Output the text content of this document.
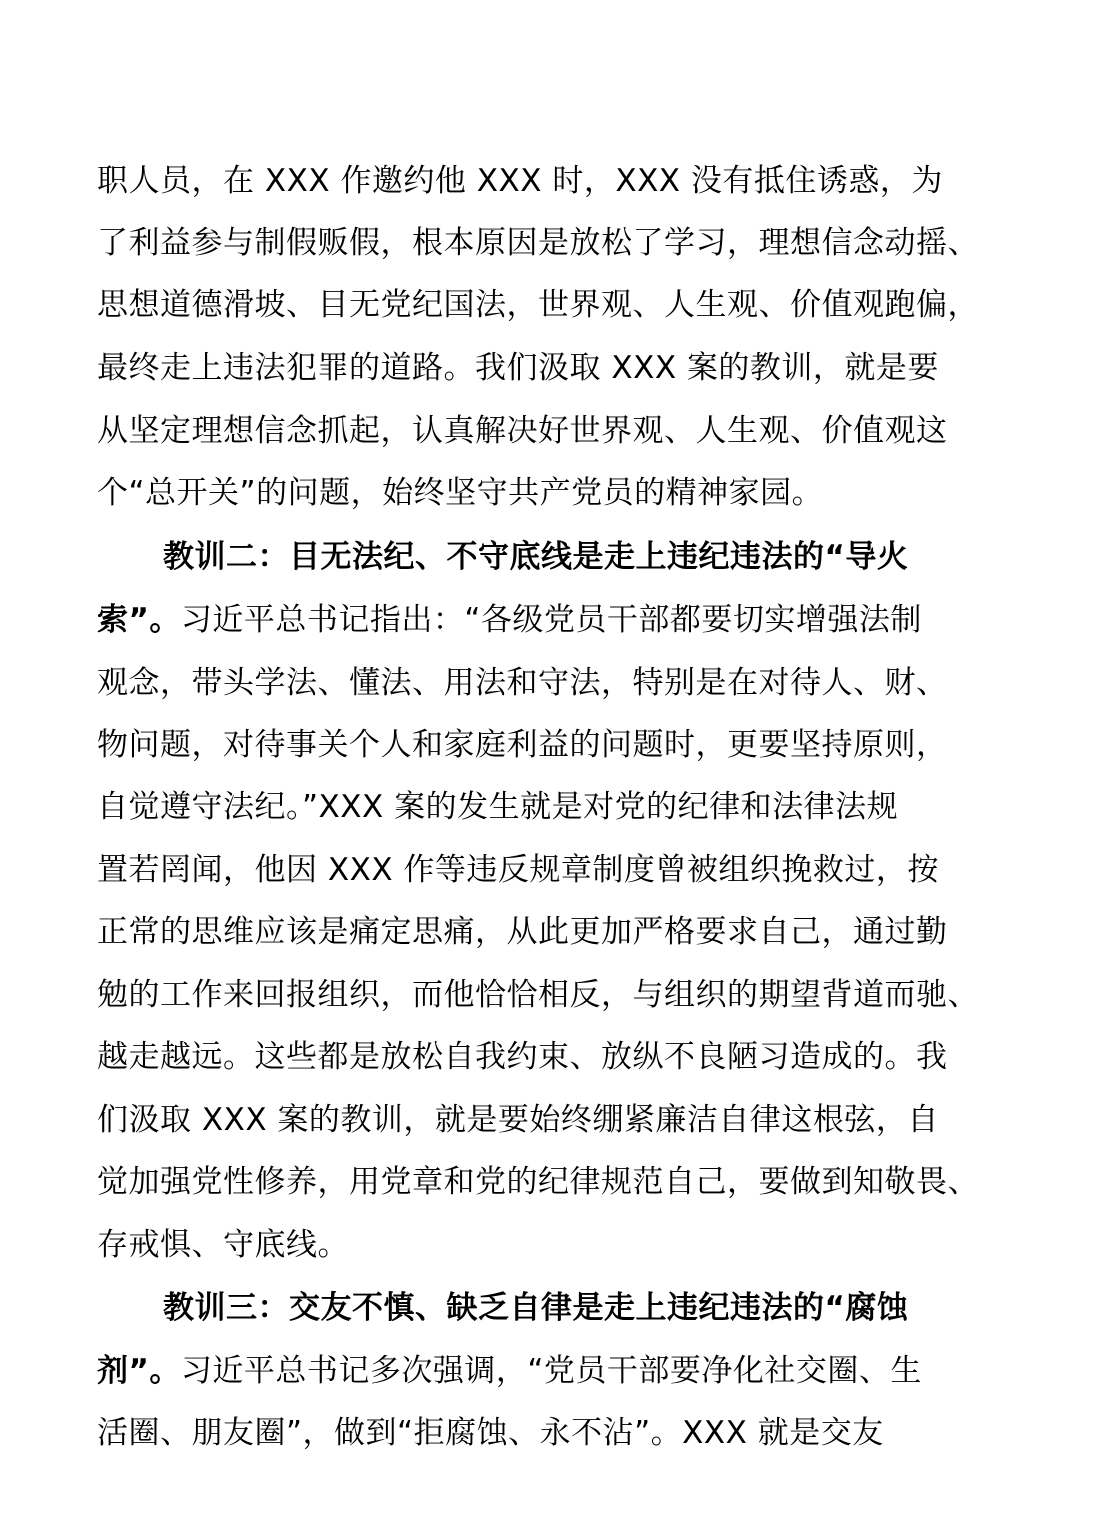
职人员，在 XXX 作邀约他 XXX 时，XXX 没有抵住诱惑，为
了利益参与制假贩假，根本原因是放松了学习，理想信念动摇、
思想道德滑坡、目无党纪国法，世界观、人生观、价值观跑偏，
最终走上违法犯罪的道路。我们汲取 XXX 案的教训，就是要
从坚定理想信念抓起，认真解决好世界观、人生观、价值观这
个“总开关”的问题，始终坚守共产党员的精神家园。
教训二：目无法纪、不守底线是走上违纪违法的“导火
索”。习近平总书记指出：“各级党员干部都要切实增强法制
观念，带头学法、懂法、用法和守法，特别是在对待人、财、
物问题，对待事关个人和家庭利益的问题时，更要坚持原则，
自觉遵守法纪。”XXX 案的发生就是对党的纪律和法律法规
置若罔闻，他因 XXX 作等违反规章制度曾被组织挽救过，按
正常的思维应该是痛定思痛，从此更加严格要求自己，通过勤
勉的工作来回报组织，而他恰恰相反，与组织的期望背道而驰、
越走越远。这些都是放松自我约束、放纵不良陋习造成的。我
们汲取 XXX 案的教训，就是要始终绷紧廉洁自律这根弦，自
觉加强党性修养，用党章和党的纪律规范自己，要做到知敬畏、
存戒惧、守底线。
教训三：交友不慎、缺乏自律是走上违纪违法的“腐蚀
剂”。习近平总书记多次强调，“党员干部要净化社交圈、生
活圈、朋友圈”，做到“拒腐蚀、永不沾”。XXX 就是交友
